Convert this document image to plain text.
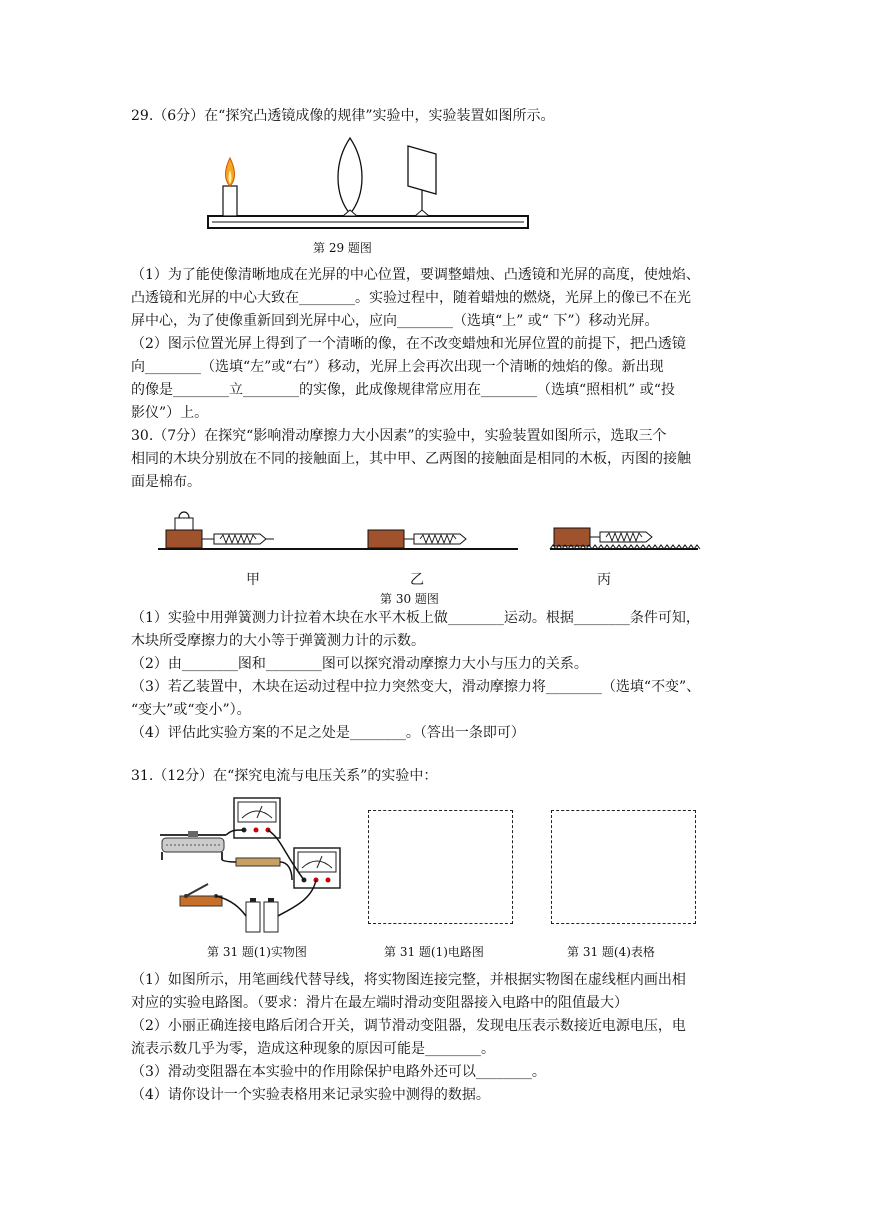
29.（6分）在“探究凸透镜成像的规律”实验中，实验装置如图所示。
第 29 题图
（1）为了能使像清晰地成在光屏的中心位置，要调整蜡烛、凸透镜和光屏的高度，使烛焰、
凸透镜和光屏的中心大致在________。实验过程中，随着蜡烛的燃烧，光屏上的像已不在光
屏中心，为了使像重新回到光屏中心，应向________（选填“上” 或“ 下”）移动光屏。
（2）图示位置光屏上得到了一个清晰的像，在不改变蜡烛和光屏位置的前提下，把凸透镜
向________（选填“左”或“右”）移动，光屏上会再次出现一个清晰的烛焰的像。新出现
的像是________立________的实像，此成像规律常应用在________（选填“照相机” 或“投
影仪”）上。
30.（7分）在探究“影响滑动摩擦力大小因素”的实验中，实验装置如图所示，选取三个
相同的木块分别放在不同的接触面上，其中甲、乙两图的接触面是相同的木板，丙图的接触
面是棉布。
甲	乙	丙
第 30 题图
（1）实验中用弹簧测力计拉着木块在水平木板上做________运动。根据________条件可知，
木块所受摩擦力的大小等于弹簧测力计的示数。
（2）由________图和________图可以探究滑动摩擦力大小与压力的关系。
（3）若乙装置中，木块在运动过程中拉力突然变大，滑动摩擦力将________（选填“不变”、
“变大”或“变小”）。
（4）评估此实验方案的不足之处是________。（答出一条即可）
31.（12分）在“探究电流与电压关系”的实验中：
第 31 题(1)实物图	第 31 题(1)电路图	第 31 题(4)表格
（1）如图所示，用笔画线代替导线，将实物图连接完整，并根据实物图在虚线框内画出相
对应的实验电路图。（要求：滑片在最左端时滑动变阻器接入电路中的阻值最大）
（2）小丽正确连接电路后闭合开关，调节滑动变阻器，发现电压表示数接近电源电压，电
流表示数几乎为零，造成这种现象的原因可能是________。
（3）滑动变阻器在本实验中的作用除保护电路外还可以________。
（4）请你设计一个实验表格用来记录实验中测得的数据。
